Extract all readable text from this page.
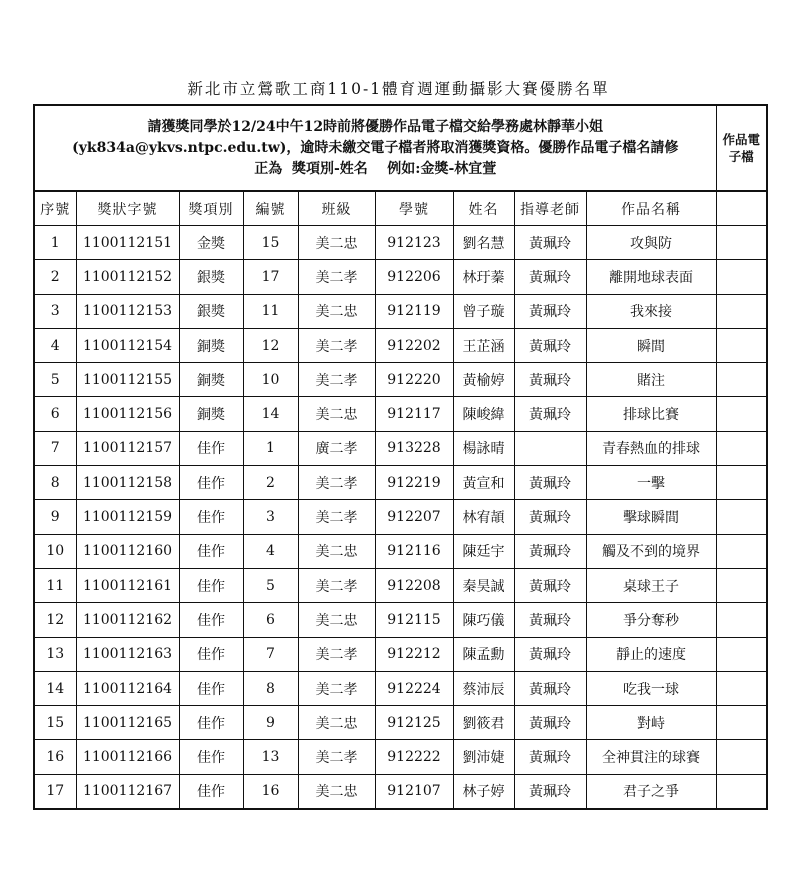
新北市立鶯歌工商110-1體育週運動攝影大賽優勝名單
請獲獎同學於12/24中午12時前將優勝作品電子檔交給學務處林靜華小姐
(yk834a@ykvs.ntpc.edu.tw)，逾時未繳交電子檔者將取消獲獎資格。優勝作品電子檔名請修
正為  獎項別-姓名    例如:金獎-林宜萱									作品電子檔
序號	獎狀字號	獎項別	編號	班級	學號	姓名	指導老師	作品名稱	
1	1100112151	金獎	15	美二忠	912123	劉名慧	黃珮玲	攻與防	
2	1100112152	銀獎	17	美二孝	912206	林玗蓁	黃珮玲	離開地球表面	
3	1100112153	銀獎	11	美二忠	912119	曾子璇	黃珮玲	我來接	
4	1100112154	銅獎	12	美二孝	912202	王芷涵	黃珮玲	瞬間	
5	1100112155	銅獎	10	美二孝	912220	黃榆婷	黃珮玲	賭注	
6	1100112156	銅獎	14	美二忠	912117	陳峻緯	黃珮玲	排球比賽	
7	1100112157	佳作	1	廣二孝	913228	楊詠晴		青春熱血的排球	
8	1100112158	佳作	2	美二孝	912219	黃宣和	黃珮玲	一擊	
9	1100112159	佳作	3	美二孝	912207	林宥頡	黃珮玲	擊球瞬間	
10	1100112160	佳作	4	美二忠	912116	陳廷宇	黃珮玲	觸及不到的境界	
11	1100112161	佳作	5	美二孝	912208	秦昊誠	黃珮玲	桌球王子	
12	1100112162	佳作	6	美二忠	912115	陳巧儀	黃珮玲	爭分奪秒	
13	1100112163	佳作	7	美二孝	912212	陳孟勳	黃珮玲	靜止的速度	
14	1100112164	佳作	8	美二孝	912224	蔡沛辰	黃珮玲	吃我一球	
15	1100112165	佳作	9	美二忠	912125	劉筱君	黃珮玲	對峙	
16	1100112166	佳作	13	美二孝	912222	劉沛婕	黃珮玲	全神貫注的球賽	
17	1100112167	佳作	16	美二忠	912107	林子婷	黃珮玲	君子之爭	
